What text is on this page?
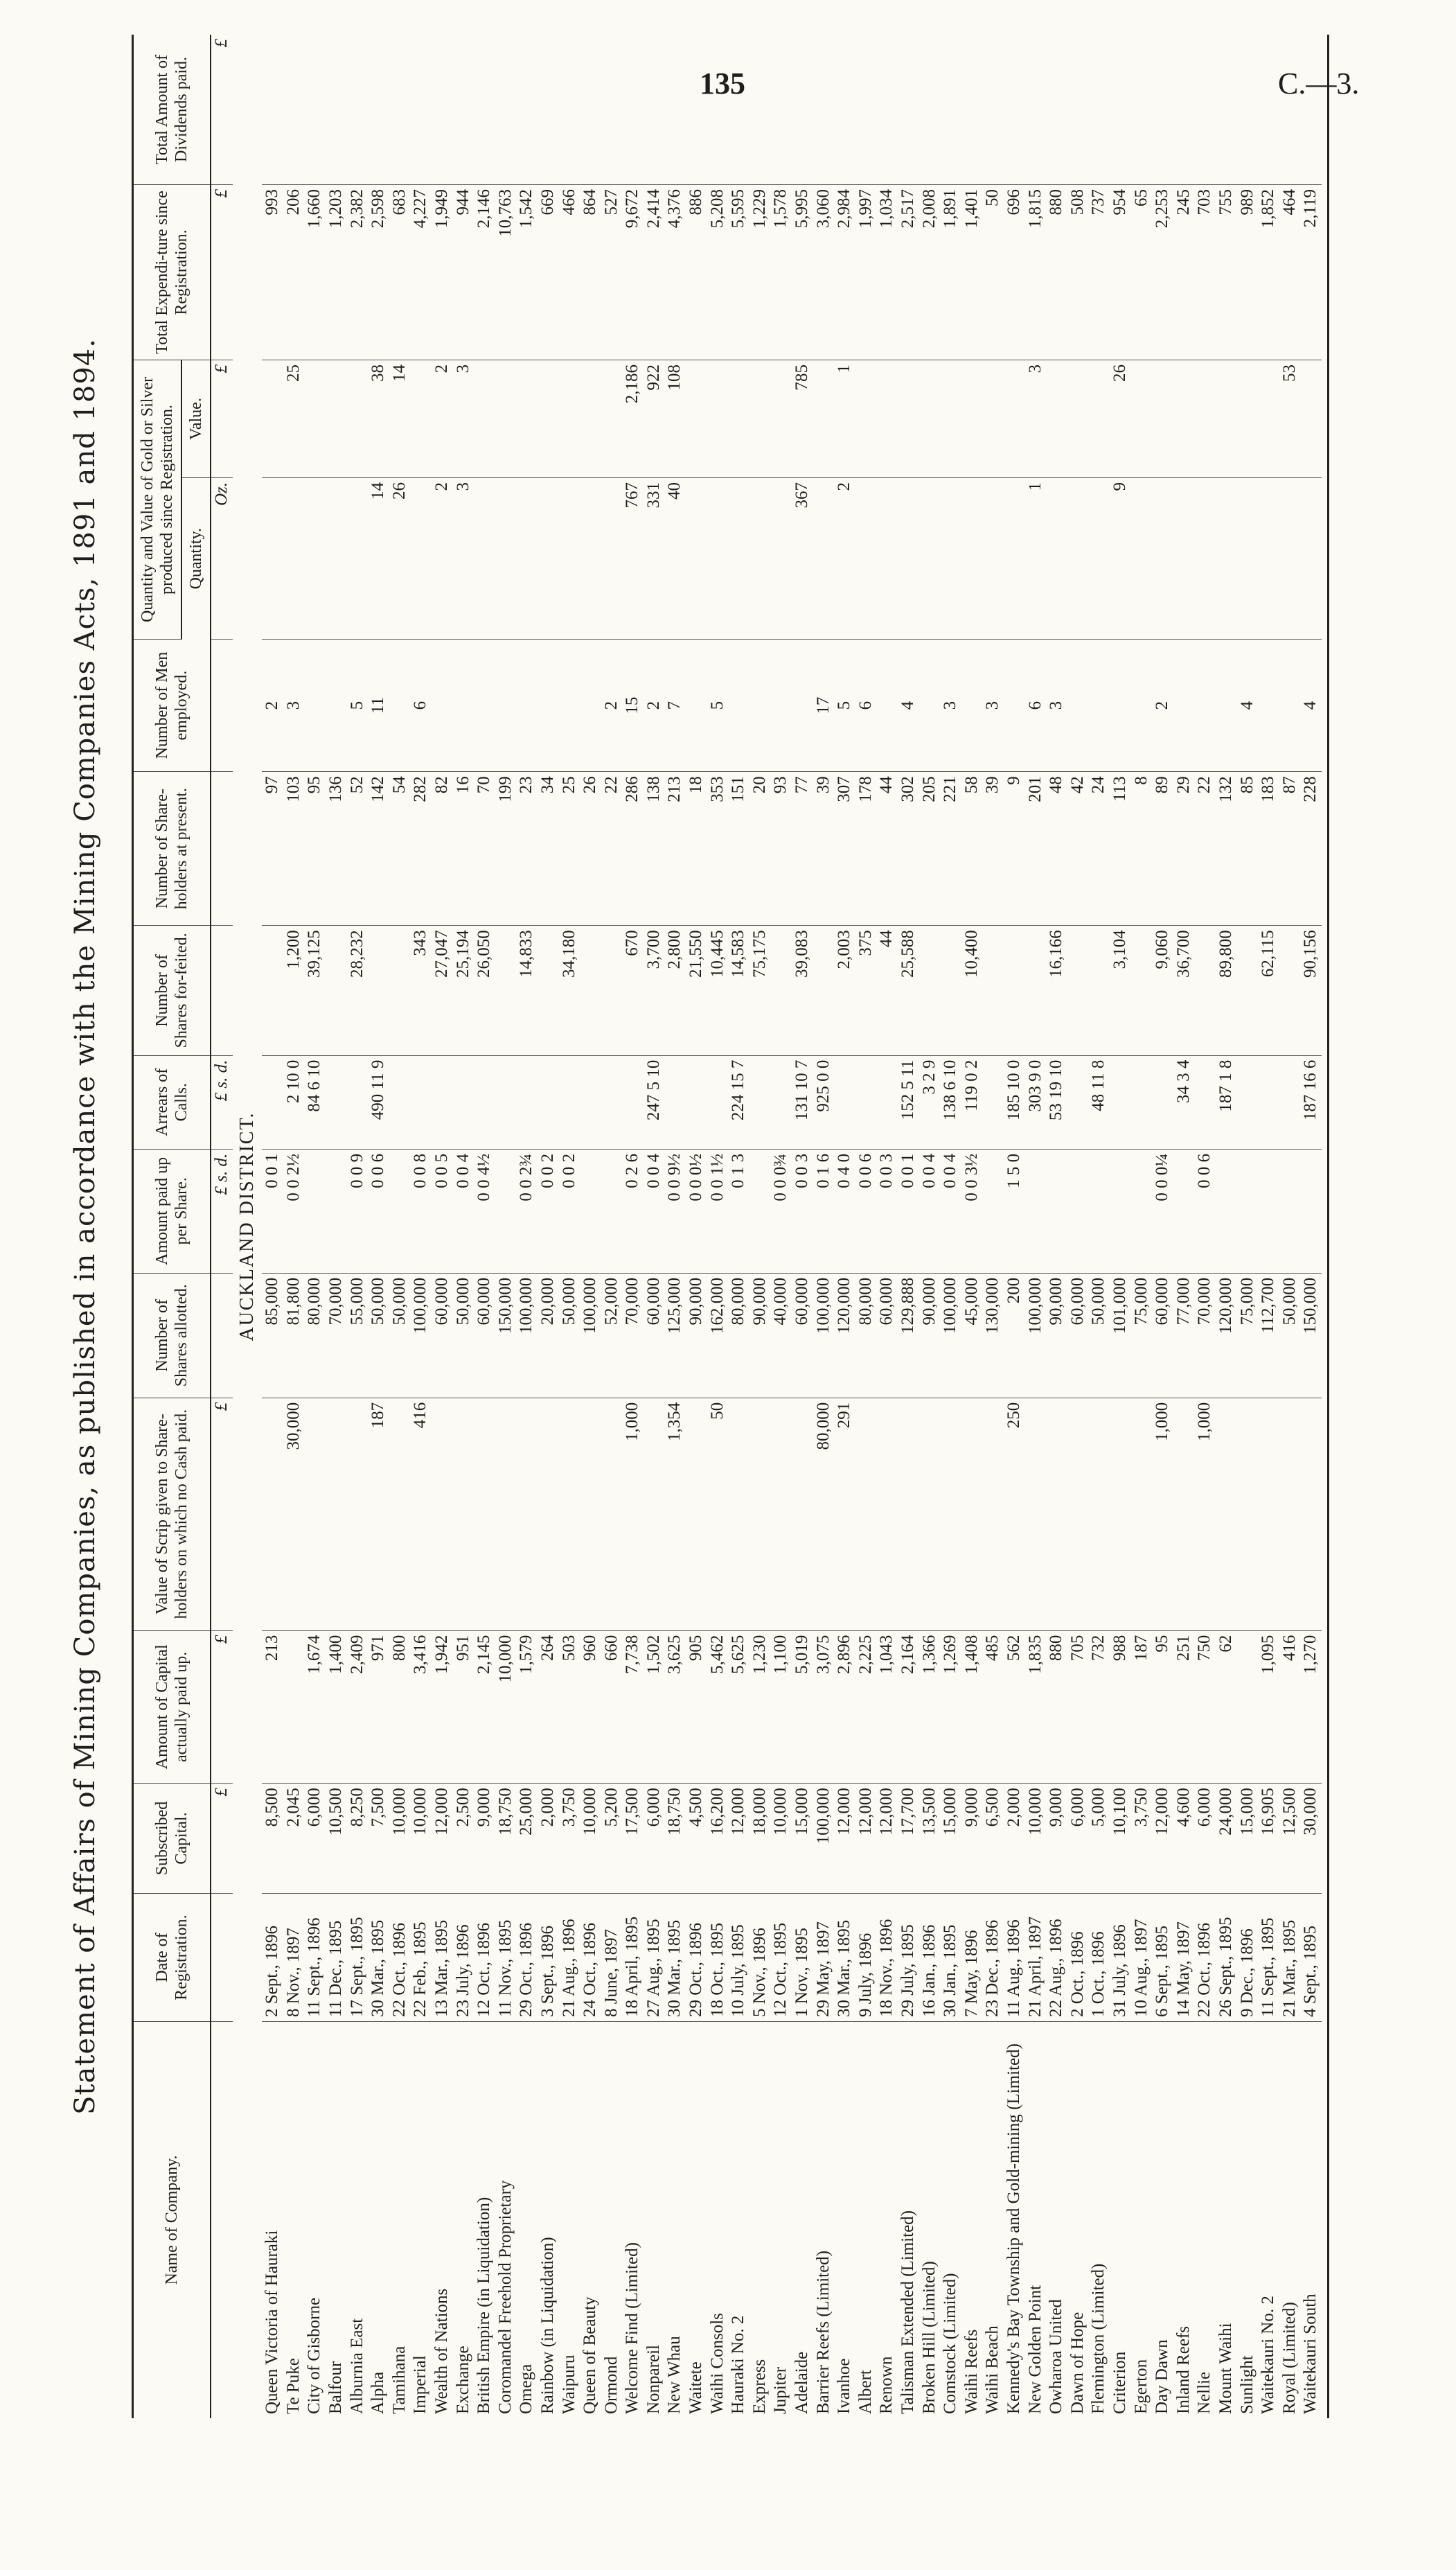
135	C.—3.
Statement of Affairs of Mining Companies, as published in accordance with the Mining Companies Acts, 1891 and 1894.
Name of Company.	Date of Registration.	Subscribed Capital.	Amount of Capital actually paid up.	Value of Scrip given to Share-holders on which no Cash paid.	Number of Shares allotted.	Amount paid up per Share.	Arrears of Calls.	Number of Shares for-feited.	Number of Share-holders at present.	Number of Men employed.	Quantity and Value of Gold or Silver produced since Registration.		Total Expendi-ture since Registration.	Total Amount of Dividends paid.
											Quantity.	Value.		
		£	£	£		£ s. d.	£ s. d.				Oz.	£	£	£
AUCKLAND DISTRICT.														
Queen Victoria of Hauraki	2 Sept., 1896	8,500	213		85,000	0 0 1			97	2			993	
Te Puke	8 Nov., 1897	2,045		30,000	81,800	0 0 2½	2 10 0	1,200	103	3		25	206	
City of Gisborne	11 Sept., 1896	6,000	1,674		80,000		84 6 10	39,125	95				1,660	
Balfour	11 Dec., 1895	10,500	1,400		70,000				136				1,203	
Alburnia East	17 Sept., 1895	8,250	2,409		55,000	0 0 9		28,232	52	5			2,382	
Alpha	30 Mar., 1895	7,500	971	187	50,000	0 0 6	490 11 9		142	11	14	38	2,598	
Tamihana	22 Oct., 1896	10,000	800		50,000				54		26	14	683	
Imperial	22 Feb., 1895	10,000	3,416	416	100,000	0 0 8		343	282	6			4,227	
Wealth of Nations	13 Mar., 1895	12,000	1,942		60,000	0 0 5		27,047	82		2	2	1,949	
Exchange	23 July, 1896	2,500	951		50,000	0 0 4		25,194	16		3	3	944	
British Empire (in Liquidation)	12 Oct., 1896	9,000	2,145		60,000	0 0 4½		26,050	70				2,146	
Coromandel Freehold Proprietary	11 Nov., 1895	18,750	10,000		150,000				199				10,763	
Omega	29 Oct., 1896	25,000	1,579		100,000	0 0 2¾		14,833	23				1,542	
Rainbow (in Liquidation)	3 Sept., 1896	2,000	264		20,000	0 0 2			34				669	
Waipuru	21 Aug., 1896	3,750	503		50,000	0 0 2		34,180	25				466	
Queen of Beauty	24 Oct., 1896	10,000	960		100,000				26				864	
Ormond	8 June, 1897	5,200	660		52,000				22	2			527	
Welcome Find (Limited)	18 April, 1895	17,500	7,738	1,000	70,000	0 2 6		670	286	15	767	2,186	9,672	
Nonpareil	27 Aug., 1895	6,000	1,502		60,000	0 0 4	247 5 10	3,700	138	2	331	922	2,414	
New Whau	30 Mar., 1895	18,750	3,625	1,354	125,000	0 0 9½		2,800	213	7	40	108	4,376	
Waitete	29 Oct., 1896	4,500	905		90,000	0 0 0½		21,550	18				886	
Waihi Consols	18 Oct., 1895	16,200	5,462	50	162,000	0 0 1½		10,445	353	5			5,208	
Hauraki No. 2	10 July, 1895	12,000	5,625		80,000	0 1 3	224 15 7	14,583	151				5,595	
Express	5 Nov., 1896	18,000	1,230		90,000			75,175	20				1,229	
Jupiter	12 Oct., 1895	10,000	1,100		40,000	0 0 0¾			93				1,578	
Adelaide	1 Nov., 1895	15,000	5,019		60,000	0 0 3	131 10 7	39,083	77		367	785	5,995	
Barrier Reefs (Limited)	29 May, 1897	100,000	3,075	80,000	100,000	0 1 6	925 0 0		39	17			3,060	
Ivanhoe	30 Mar., 1895	12,000	2,896	291	120,000	0 4 0		2,003	307	5	2	1	2,984	
Albert	9 July, 1896	12,000	2,225		80,000	0 0 6		375	178	6			1,997	
Renown	18 Nov., 1896	12,000	1,043		60,000	0 0 3		44	44				1,034	
Talisman Extended (Limited)	29 July, 1895	17,700	2,164		129,888	0 0 1	152 5 11	25,588	302	4			2,517	
Broken Hill (Limited)	16 Jan., 1896	13,500	1,366		90,000	0 0 4	3 2 9		205				2,008	
Comstock (Limited)	30 Jan., 1895	15,000	1,269		100,000	0 0 4	138 6 10		221	3			1,891	
Waihi Reefs	7 May, 1896	9,000	1,408		45,000	0 0 3½	119 0 2	10,400	58				1,401	
Waihi Beach	23 Dec., 1896	6,500	485		130,000				39	3			50	
Kennedy's Bay Township and Gold-mining (Limited)	11 Aug., 1896	2,000	562	250	200	1 5 0	185 10 0		9				696	
New Golden Point	21 April, 1897	10,000	1,835		100,000		303 9 0		201	6	1	3	1,815	
Owharoa United	22 Aug., 1896	9,000	880		90,000		53 19 10	16,166	48	3			880	
Dawn of Hope	2 Oct., 1896	6,000	705		60,000				42				508	
Flemington (Limited)	1 Oct., 1896	5,000	732		50,000		48 11 8		24				737	
Criterion	31 July, 1896	10,100	988		101,000			3,104	113		9	26	954	
Egerton	10 Aug., 1897	3,750	187		75,000				8				65	
Day Dawn	6 Sept., 1895	12,000	95	1,000	60,000	0 0 0¼		9,060	89	2			2,253	
Inland Reefs	14 May, 1897	4,600	251		77,000		34 3 4	36,700	29				245	
Nellie	22 Oct., 1896	6,000	750	1,000	70,000	0 0 6			22				703	
Mount Waihi	26 Sept., 1895	24,000	62		120,000		187 1 8	89,800	132				755	
Sunlight	9 Dec., 1896	15,000			75,000				85	4			989	
Waitekauri No. 2	11 Sept., 1895	16,905	1,095		112,700			62,115	183				1,852	
Royal (Limited)	21 Mar., 1895	12,500	416		50,000				87			53	464	
Waitekauri South	4 Sept., 1895	30,000	1,270		150,000		187 16 6	90,156	228	4			2,119	
